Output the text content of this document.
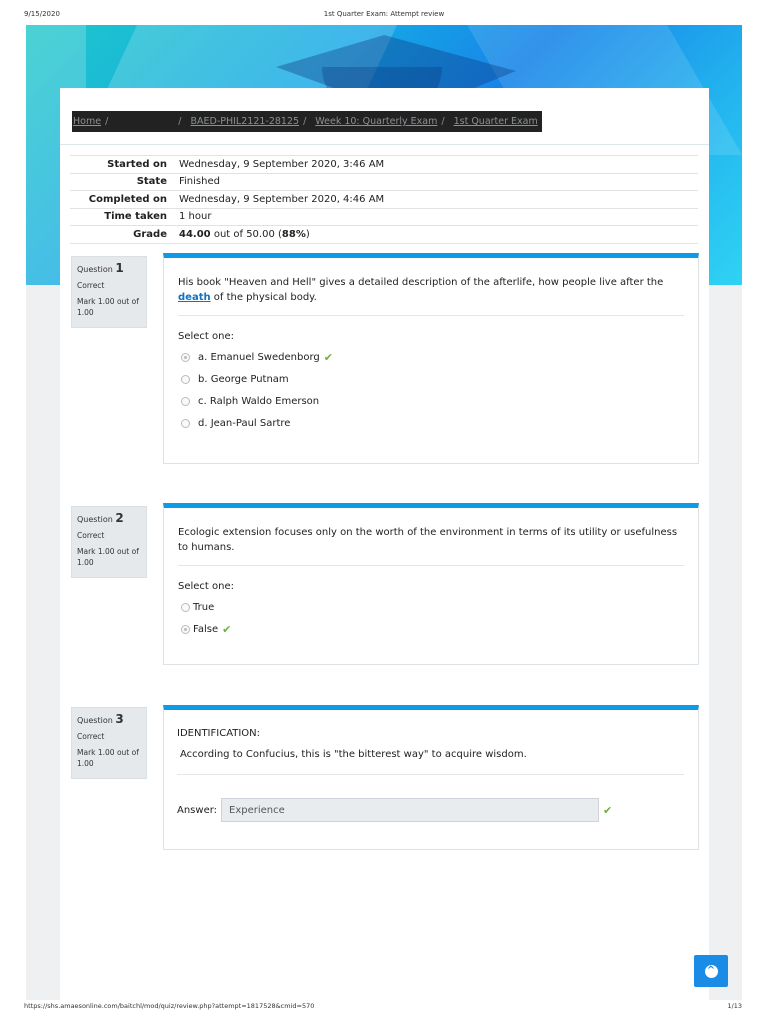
9/15/2020	1st Quarter Exam: Attempt review
Home /	/ BAED-PHIL2121-28125 / Week 10: Quarterly Exam / 1st Quarter Exam
Started on	Wednesday, 9 September 2020, 3:46 AM
State	Finished
Completed on	Wednesday, 9 September 2020, 4:46 AM
Time taken	1 hour
Grade	44.00 out of 50.00 (88%)
Question 1
Correct
Mark 1.00 out of 1.00
His book "Heaven and Hell" gives a detailed description of the afterlife, how people live after the death of the physical body.
Select one:
a. Emanuel Swedenborg ✔
b. George Putnam
c. Ralph Waldo Emerson
d. Jean-Paul Sartre
Question 2
Correct
Mark 1.00 out of 1.00
Ecologic extension focuses only on the worth of the environment in terms of its utility or usefulness to humans.
Select one:
True
False ✔
Question 3
Correct
Mark 1.00 out of 1.00
IDENTIFICATION:
According to Confucius, this is "the bitterest way" to acquire wisdom.
Answer:	Experience	✔
^
https://shs.amaesonline.com/baitchl/mod/quiz/review.php?attempt=1817528&cmid=570	1/13
